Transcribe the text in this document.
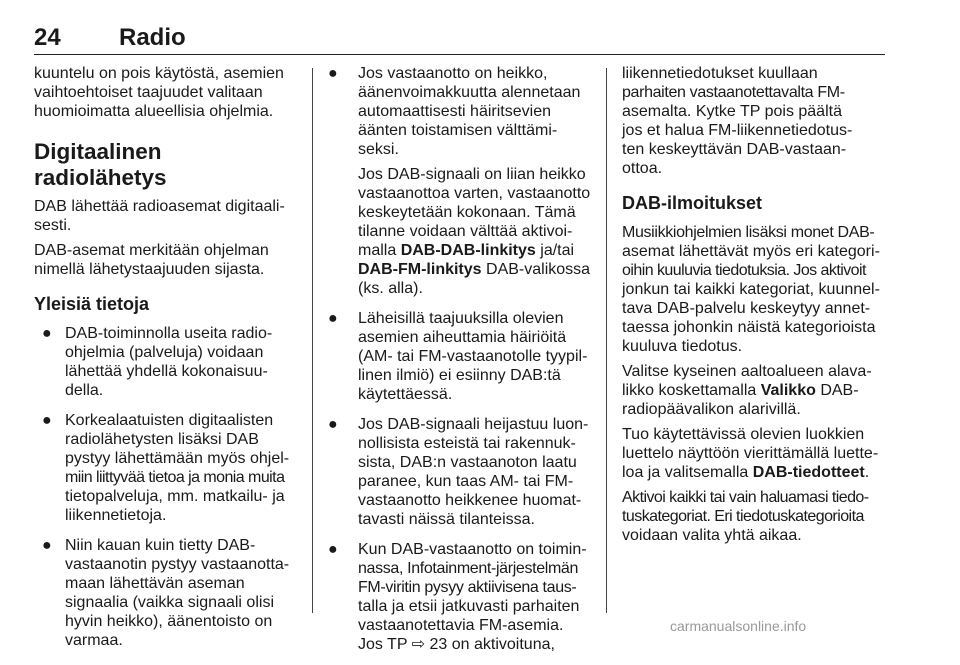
24 Radio
kuuntelu on pois käytöstä, asemien
vaihtoehtoiset taajuudet valitaan
huomioimatta alueellisia ohjelmia.
Digitaalinen radiolähetys
DAB lähettää radioasemat digitaali-
sesti.
DAB-asemat merkitään ohjelman
nimellä lähetystaajuuden sijasta.
Yleisiä tietoja
● DAB-toiminnolla useita radio-
ohjelmia (palveluja) voidaan
lähettää yhdellä kokonaisuu-
della.
● Korkealaatuisten digitaalisten
radiolähetysten lisäksi DAB
pystyy lähettämään myös ohjel-
miin liittyvää tietoa ja monia muita
tietopalveluja, mm. matkailu- ja
liikennetietoja.
● Niin kauan kuin tietty DAB-
vastaanotin pystyy vastaanotta-
maan lähettävän aseman
signaalia (vaikka signaali olisi
hyvin heikko), äänentoisto on
varmaa.
● Jos vastaanotto on heikko,
äänenvoimakkuutta alennetaan
automaattisesti häiritsevien
äänten toistamisen välttämi-
seksi.
Jos DAB-signaali on liian heikko
vastaanottoa varten, vastaanotto
keskeytetään kokonaan. Tämä
tilanne voidaan välttää aktivoi-
malla DAB-DAB-linkitys ja/tai
DAB-FM-linkitys DAB-valikossa
(ks. alla).
● Läheisillä taajuuksilla olevien
asemien aiheuttamia häiriöitä
(AM- tai FM-vastaanotolle tyypil-
linen ilmiö) ei esiinny DAB:tä
käytettäessä.
● Jos DAB-signaali heijastuu luon-
nollisista esteistä tai rakennuk-
sista, DAB:n vastaanoton laatu
paranee, kun taas AM- tai FM-
vastaanotto heikkenee huomat-
tavasti näissä tilanteissa.
● Kun DAB-vastaanotto on toimin-
nassa, Infotainment-järjestelmän
FM-viritin pysyy aktiivisena taus-
talla ja etsii jatkuvasti parhaiten
vastaanotettavia FM-asemia.
Jos TP ⇨ 23 on aktivoituna,
liikennetiedotukset kuullaan
parhaiten vastaanotettavalta FM-
asemalta. Kytke TP pois päältä
jos et halua FM-liikennetiedotus-
ten keskeyttävän DAB-vastaan-
ottoa.
DAB-ilmoitukset
Musiikkiohjelmien lisäksi monet DAB-
asemat lähettävät myös eri kategori-
oihin kuuluvia tiedotuksia. Jos aktivoit
jonkun tai kaikki kategoriat, kuunnel-
tava DAB-palvelu keskeytyy annet-
taessa johonkin näistä kategorioista
kuuluva tiedotus.
Valitse kyseinen aaltoalueen alava-
likko koskettamalla Valikko DAB-
radiopäävalikon alarivillä.
Tuo käytettävissä olevien luokkien
luettelo näyttöön vierittämällä luette-
loa ja valitsemalla DAB-tiedotteet.
Aktivoi kaikki tai vain haluamasi tiedo-
tuskategoriat. Eri tiedotuskategorioita
voidaan valita yhtä aikaa.
carmanualsonline.info
